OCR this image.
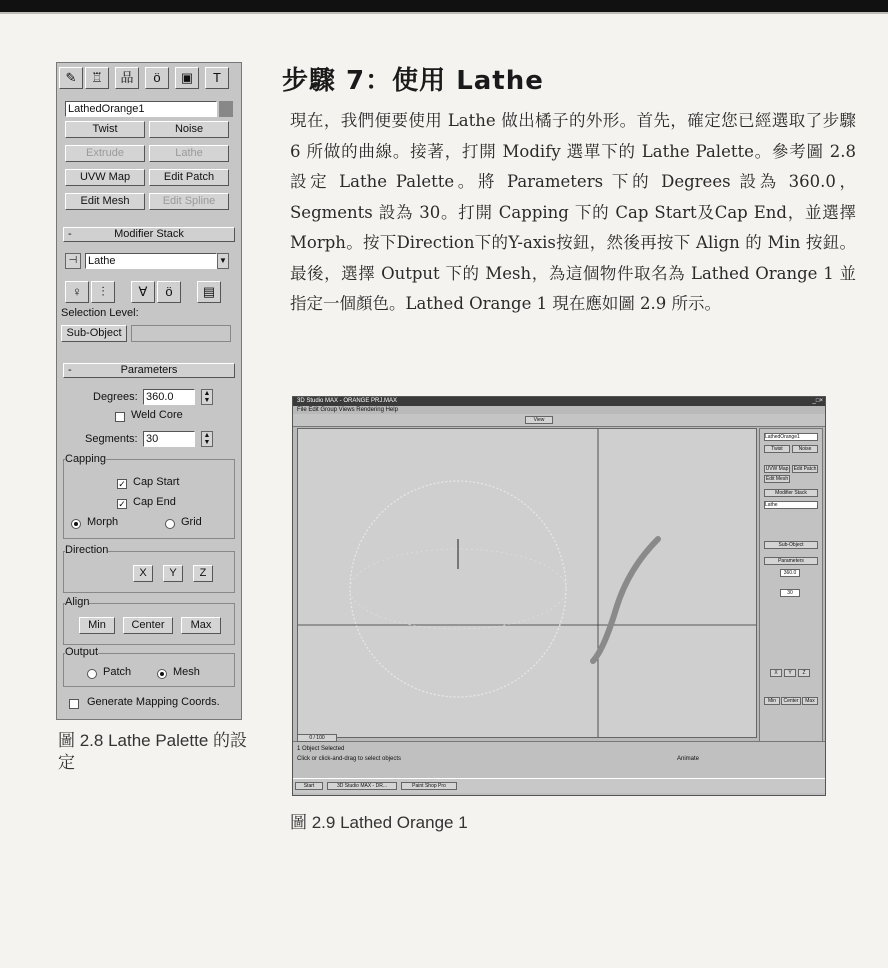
✎	♖	品	ö	▣	T
LathedOrange1
Twist	Noise
Extrude	Lathe
UVW Map	Edit Patch
Edit Mesh	Edit Spline
-	Modifier Stack
⊣ Lathe	▼
♀	⫶	∀	ö	▤
Selection Level:
Sub-Object
-	Parameters
Degrees: 360.0	▲
▼
Weld Core
Segments: 30	▲
▼
Capping
✓ Cap Start
✓ Cap End
Morph	Grid
Direction
X	Y	Z
Align
Min	Center	Max
Output
Patch	Mesh
Generate Mapping Coords.
圖 2.8 Lathe Palette 的設定
步驟 7：使用 Lathe
現在，我們便要使用 Lathe 做出橘子的外形。首先，確定您已經選取了步驟 6 所做的曲線。接著，打開 Modify 選單下的 Lathe Palette。參考圖 2.8 設定 Lathe Palette。將 Parameters 下的 Degrees 設為 360.0，Segments 設為 30。打開 Capping 下的 Cap Start及Cap End，並選擇 Morph。按下Direction下的Y-axis按鈕，然後再按下 Align 的 Min 按鈕。最後，選擇 Output 下的 Mesh，為這個物件取名為 Lathed Orange 1 並指定一個顏色。Lathed Orange 1 現在應如圖 2.9 所示。
3D Studio MAX - ORANGE PRJ.MAX	_□×
File Edit Group Views Rendering Help
View
LathedOrange1
Twist	Noise
UVW Map	Edit Patch
Edit Mesh
Modifier Stack
Lathe
Sub-Object
Parameters
360.0
30
X	Y	Z
Min	Center	Max
0 / 100
1 Object Selected
Click or click-and-drag to select objects	Animate
Start	3D Studio MAX - DR...	Paint Shop Pro
圖 2.9 Lathed Orange 1
